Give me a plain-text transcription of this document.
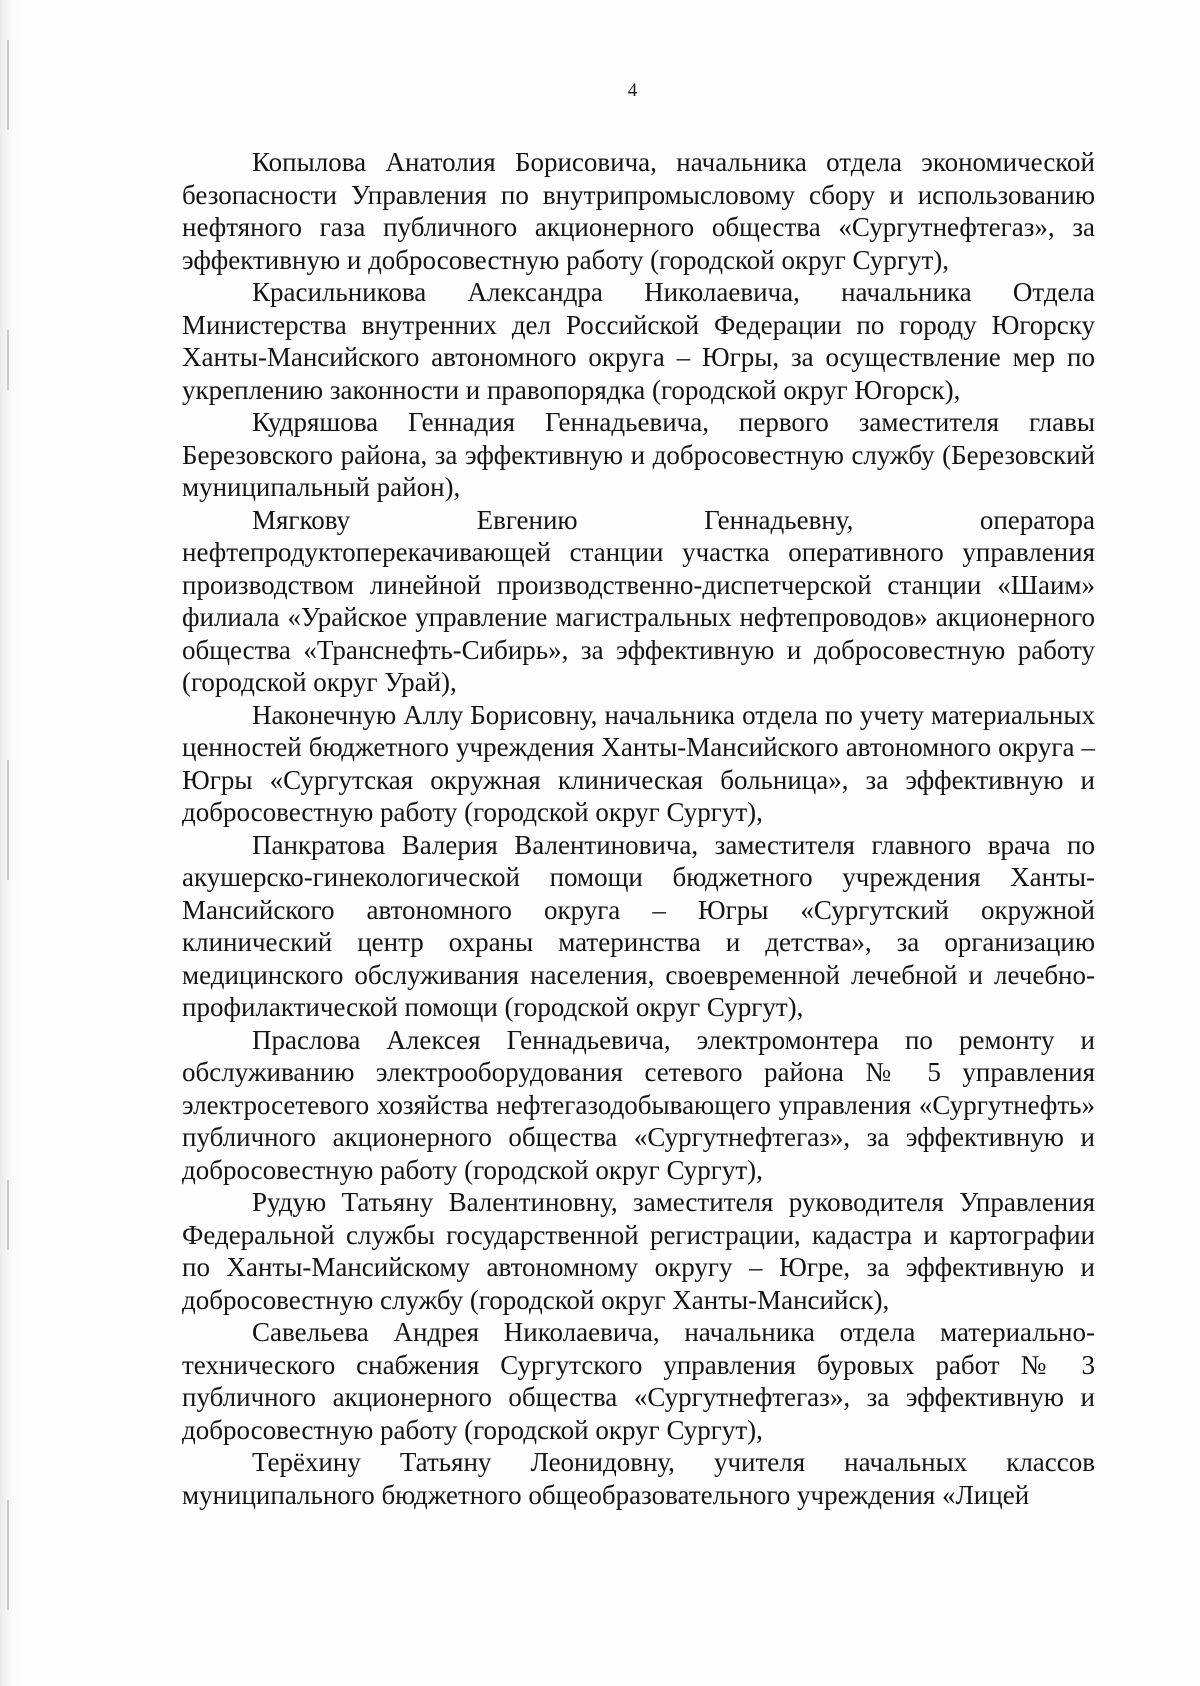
4

Копылова Анатолия Борисовича, начальника отдела экономической безопасности Управления по внутрипромысловому сбору и использованию нефтяного газа публичного акционерного общества «Сургутнефтегаз», за эффективную и добросовестную работу (городской округ Сургут),

Красильникова Александра Николаевича, начальника Отдела Министерства внутренних дел Российской Федерации по городу Югорску Ханты-Мансийского автономного округа – Югры, за осуществление мер по укреплению законности и правопорядка (городской округ Югорск),

Кудряшова Геннадия Геннадьевича, первого заместителя главы Березовского района, за эффективную и добросовестную службу (Березовский муниципальный район),

Мягкову Евгению Геннадьевну, оператора нефтепродуктоперекачивающей станции участка оперативного управления производством линейной производственно-диспетчерской станции «Шаим» филиала «Урайское управление магистральных нефтепроводов» акционерного общества «Транснефть-Сибирь», за эффективную и добросовестную работу (городской округ Урай),

Наконечную Аллу Борисовну, начальника отдела по учету материальных ценностей бюджетного учреждения Ханты-Мансийского автономного округа – Югры «Сургутская окружная клиническая больница», за эффективную и добросовестную работу (городской округ Сургут),

Панкратова Валерия Валентиновича, заместителя главного врача по акушерско-гинекологической помощи бюджетного учреждения Ханты-Мансийского автономного округа – Югры «Сургутский окружной клинический центр охраны материнства и детства», за организацию медицинского обслуживания населения, своевременной лечебной и лечебно-профилактической помощи (городской округ Сургут),

Праслова Алексея Геннадьевича, электромонтера по ремонту и обслуживанию электрооборудования сетевого района № 5 управления электросетевого хозяйства нефтегазодобывающего управления «Сургутнефть» публичного акционерного общества «Сургутнефтегаз», за эффективную и добросовестную работу (городской округ Сургут),

Рудую Татьяну Валентиновну, заместителя руководителя Управления Федеральной службы государственной регистрации, кадастра и картографии по Ханты-Мансийскому автономному округу – Югре, за эффективную и добросовестную службу (городской округ Ханты-Мансийск),

Савельева Андрея Николаевича, начальника отдела материально-технического снабжения Сургутского управления буровых работ № 3 публичного акционерного общества «Сургутнефтегаз», за эффективную и добросовестную работу (городской округ Сургут),

Терёхину Татьяну Леонидовну, учителя начальных классов муниципального бюджетного общеобразовательного учреждения «Лицей
